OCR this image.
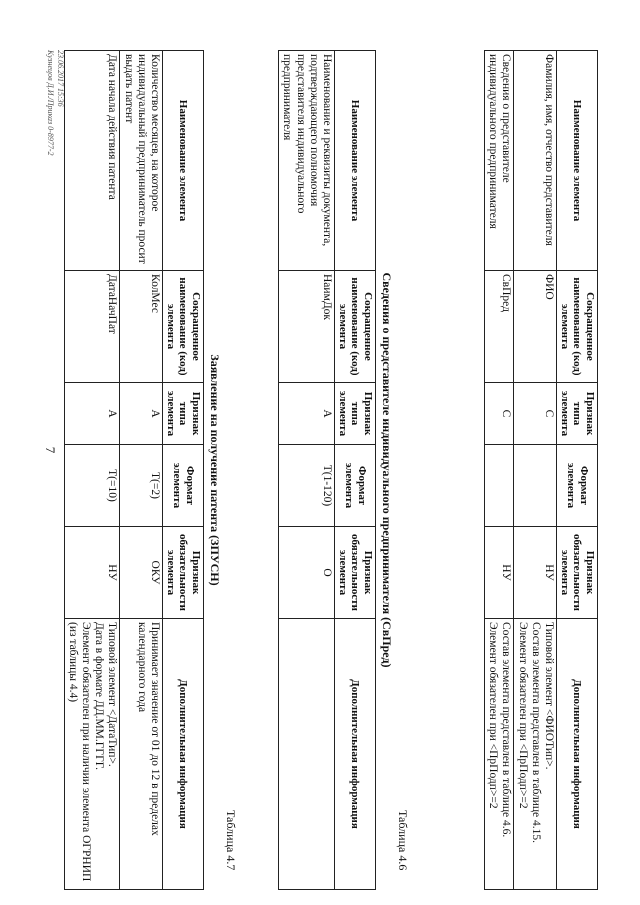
7
Наименование элемента	Сокращенное наименование (код) элемента	Признак типа элемента	Формат элемента	Признак обязательности элемента	Дополнительная информация
Фамилия, имя, отчество представителя	ФИО	С		НУ	Типовой элемент <ФИОТип>.
Состав элемента представлен в таблице 4.15.
Элемент обязателен при <ПрПодп>=2
Сведения о представителе индивидуального предпринимателя	СвПред	С		НУ	Состав элемента представлен в таблице 4.6.
Элемент обязателен при <ПрПодп>=2
Таблица 4.6
Сведения о представителе индивидуального предпринимателя (СвПред)
Наименование элемента	Сокращенное наименование (код) элемента	Признак типа элемента	Формат элемента	Признак обязательности элемента	Дополнительная информация
Наименование и реквизиты документа, подтверждающего полномочия представителя индивидуального предпринимателя	НаимДок	А	T(1-120)	О	
Таблица 4.7
Заявление на получение патента (ЗПУСН)
Наименование элемента	Сокращенное наименование (код) элемента	Признак типа элемента	Формат элемента	Признак обязательности элемента	Дополнительная информация
Количество месяцев, на которое индивидуальный предприниматель просит выдать патент	КолМес	А	T(=2)	ОКУ	Принимает значение от 01 до 12 в пределах календарного года
Дата начала действия патента	ДатаНачПат	А	T(=10)	НУ	Типовой элемент <ДатаТип>.
Дата в формате ДД.ММ.ГГГГ.
Элемент обязателен при наличии элемента ОГРНИП (из таблицы 4.4)
23.06.2017 15:36
Кузнецов Д.И./Приказ 0-8977-2
